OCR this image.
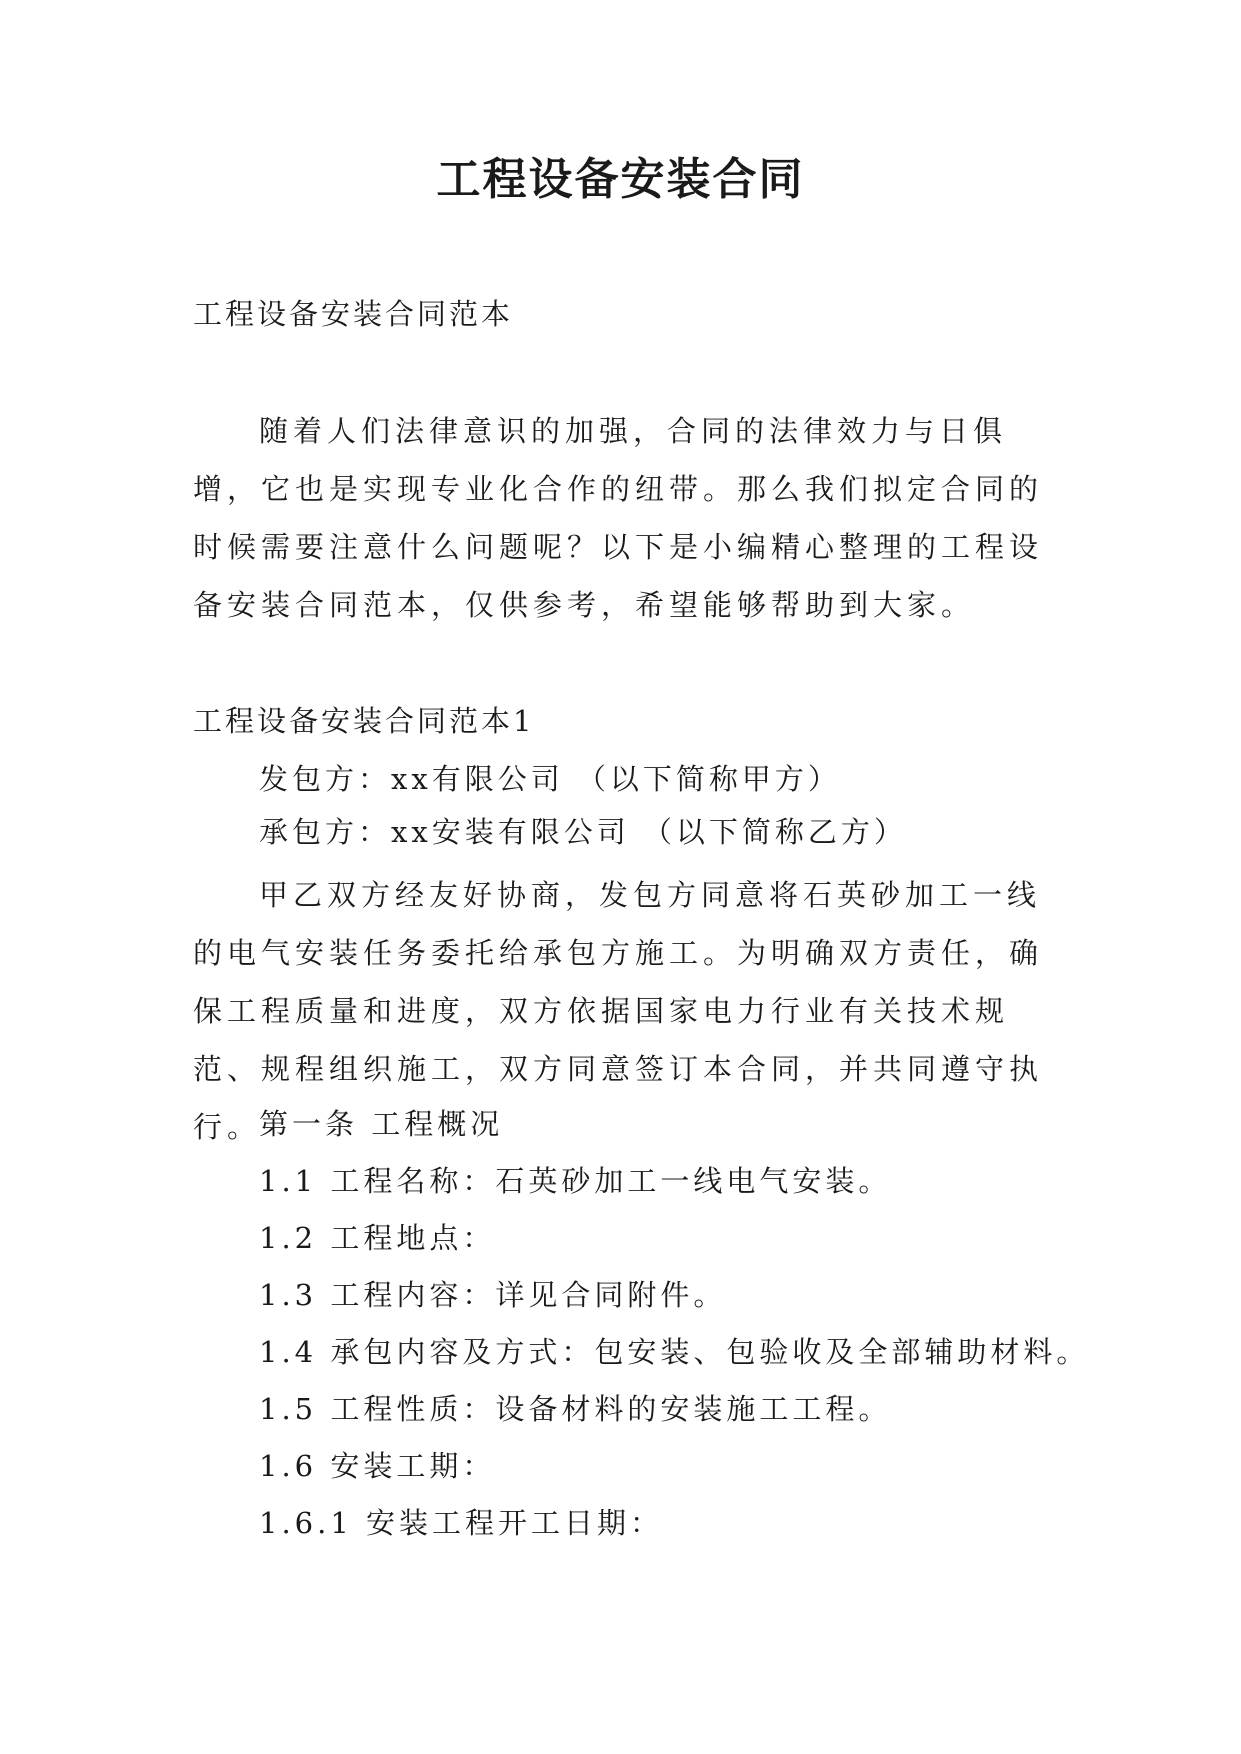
工程设备安装合同

工程设备安装合同范本

随着人们法律意识的加强，合同的法律效力与日俱增，它也是实现专业化合作的纽带。那么我们拟定合同的时候需要注意什么问题呢？以下是小编精心整理的工程设备安装合同范本，仅供参考，希望能够帮助到大家。

工程设备安装合同范本1

发包方：xx有限公司 （以下简称甲方）

承包方：xx安装有限公司 （以下简称乙方）

甲乙双方经友好协商，发包方同意将石英砂加工一线的电气安装任务委托给承包方施工。为明确双方责任，确保工程质量和进度，双方依据国家电力行业有关技术规范、规程组织施工，双方同意签订本合同，并共同遵守执行。

第一条 工程概况

1.1 工程名称：石英砂加工一线电气安装。

1.2 工程地点：

1.3 工程内容：详见合同附件。

1.4 承包内容及方式：包安装、包验收及全部辅助材料。

1.5 工程性质：设备材料的安装施工工程。

1.6 安装工期：

1.6.1 安装工程开工日期：
